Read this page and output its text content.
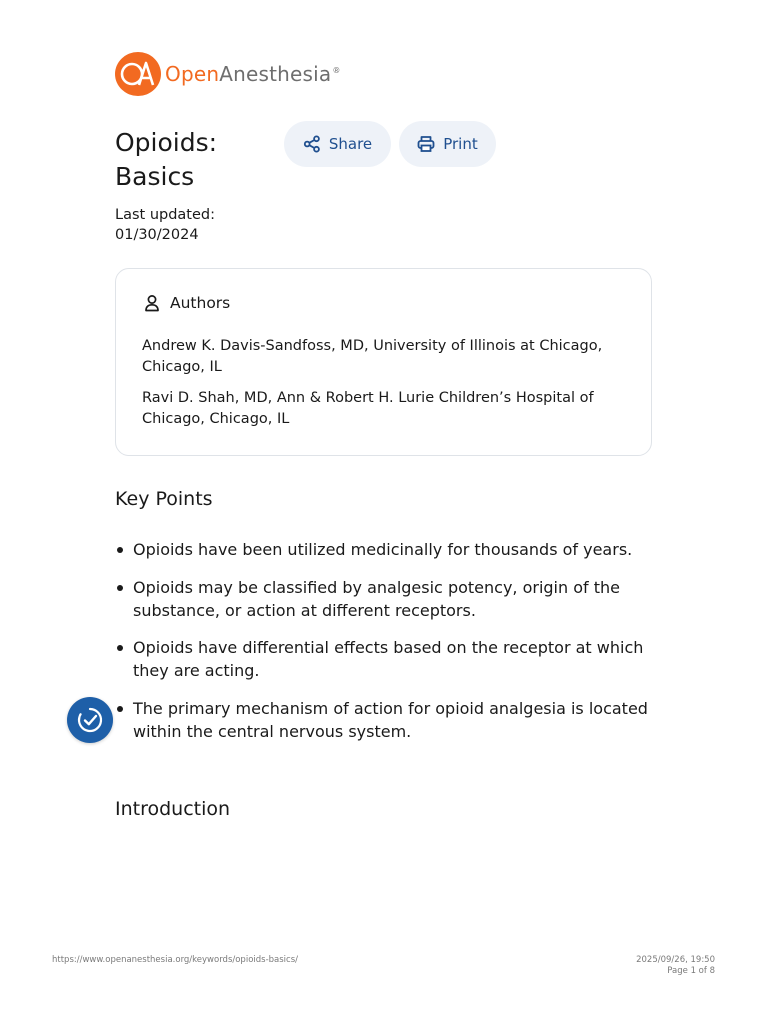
OpenAnesthesia®
Opioids:
Basics
Share	Print
Last updated:
01/30/2024
Authors
Andrew K. Davis-Sandfoss, MD, University of Illinois at Chicago, Chicago, IL
Ravi D. Shah, MD, Ann & Robert H. Lurie Children’s Hospital of Chicago, Chicago, IL
Key Points
Opioids have been utilized medicinally for thousands of years.
Opioids may be classified by analgesic potency, origin of the substance, or action at different receptors.
Opioids have differential effects based on the receptor at which they are acting.
The primary mechanism of action for opioid analgesia is located within the central nervous system.
Introduction
https://www.openanesthesia.org/keywords/opioids-basics/	2025/09/26, 19:50
Page 1 of 8
